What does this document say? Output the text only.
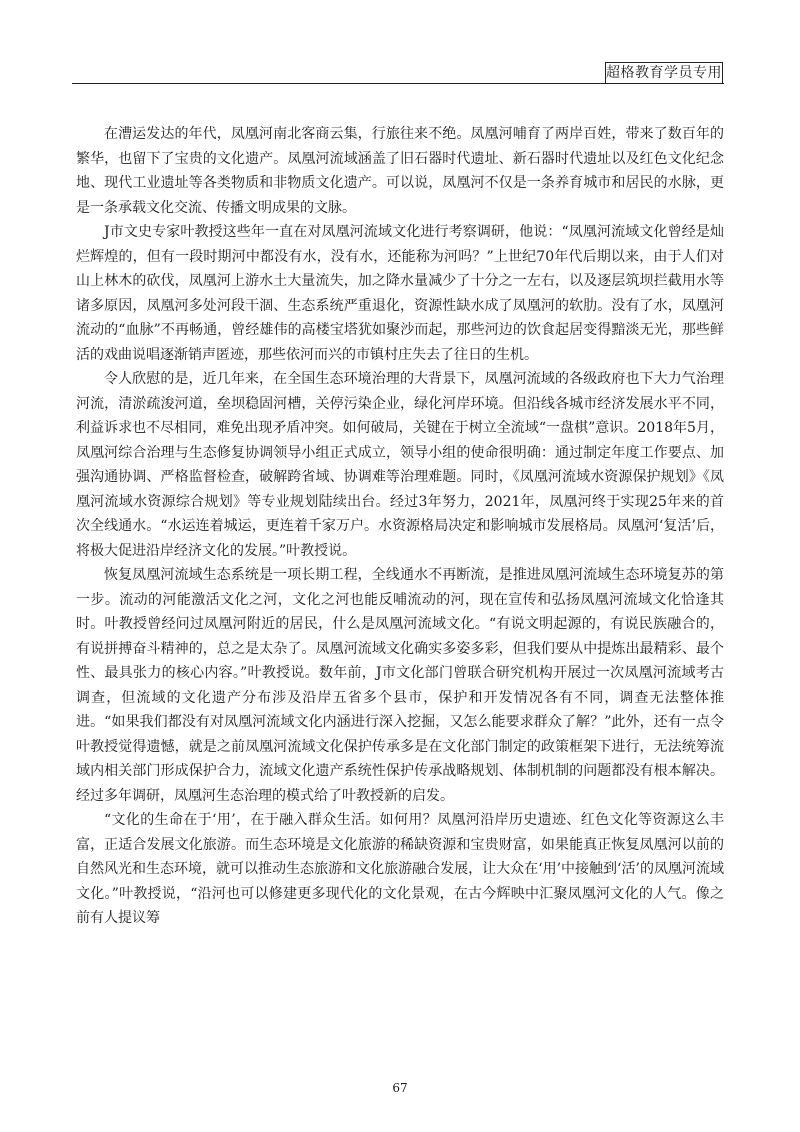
超格教育学员专用

在漕运发达的年代，凤凰河南北客商云集，行旅往来不绝。凤凰河哺育了两岸百姓，带来了数百年的繁华，也留下了宝贵的文化遗产。凤凰河流域涵盖了旧石器时代遗址、新石器时代遗址以及红色文化纪念地、现代工业遗址等各类物质和非物质文化遗产。可以说，凤凰河不仅是一条养育城市和居民的水脉，更是一条承载文化交流、传播文明成果的文脉。

J市文史专家叶教授这些年一直在对凤凰河流域文化进行考察调研，他说：“凤凰河流域文化曾经是灿烂辉煌的，但有一段时期河中都没有水，没有水，还能称为河吗？”上世纪70年代后期以来，由于人们对山上林木的砍伐，凤凰河上游水土大量流失，加之降水量减少了十分之一左右，以及逐层筑坝拦截用水等诸多原因，凤凰河多处河段干涸、生态系统严重退化，资源性缺水成了凤凰河的软肋。没有了水，凤凰河流动的“血脉”不再畅通，曾经雄伟的高楼宝塔犹如聚沙而起，那些河边的饮食起居变得黯淡无光，那些鲜活的戏曲说唱逐渐销声匿迹，那些依河而兴的市镇村庄失去了往日的生机。

令人欣慰的是，近几年来，在全国生态环境治理的大背景下，凤凰河流域的各级政府也下大力气治理河流，清淤疏浚河道，垒坝稳固河槽，关停污染企业，绿化河岸环境。但沿线各城市经济发展水平不同，利益诉求也不尽相同，难免出现矛盾冲突。如何破局，关键在于树立全流域“一盘棋”意识。2018年5月，凤凰河综合治理与生态修复协调领导小组正式成立，领导小组的使命很明确：通过制定年度工作要点、加强沟通协调、严格监督检查，破解跨省域、协调难等治理难题。同时，《凤凰河流域水资源保护规划》《凤凰河流域水资源综合规划》等专业规划陆续出台。经过3年努力，2021年，凤凰河终于实现25年来的首次全线通水。“水运连着城运，更连着千家万户。水资源格局决定和影响城市发展格局。凤凰河‘复活’后，将极大促进沿岸经济文化的发展。”叶教授说。

恢复凤凰河流域生态系统是一项长期工程，全线通水不再断流，是推进凤凰河流域生态环境复苏的第一步。流动的河能激活文化之河，文化之河也能反哺流动的河，现在宣传和弘扬凤凰河流域文化恰逢其时。叶教授曾经问过凤凰河附近的居民，什么是凤凰河流域文化。“有说文明起源的，有说民族融合的，有说拼搏奋斗精神的，总之是太杂了。凤凰河流域文化确实多姿多彩，但我们要从中提炼出最精彩、最个性、最具张力的核心内容。”叶教授说。数年前，J市文化部门曾联合研究机构开展过一次凤凰河流域考古调查，但流域的文化遗产分布涉及沿岸五省多个县市，保护和开发情况各有不同，调查无法整体推进。“如果我们都没有对凤凰河流域文化内涵进行深入挖掘，又怎么能要求群众了解？”此外，还有一点令叶教授觉得遗憾，就是之前凤凰河流域文化保护传承多是在文化部门制定的政策框架下进行，无法统筹流域内相关部门形成保护合力，流域文化遗产系统性保护传承战略规划、体制机制的问题都没有根本解决。经过多年调研，凤凰河生态治理的模式给了叶教授新的启发。

“文化的生命在于‘用’，在于融入群众生活。如何用？凤凰河沿岸历史遗迹、红色文化等资源这么丰富，正适合发展文化旅游。而生态环境是文化旅游的稀缺资源和宝贵财富，如果能真正恢复凤凰河以前的自然风光和生态环境，就可以推动生态旅游和文化旅游融合发展，让大众在‘用’中接触到‘活’的凤凰河流域文化。”叶教授说，“沿河也可以修建更多现代化的文化景观，在古今辉映中汇聚凤凰河文化的人气。像之前有人提议筹

67
